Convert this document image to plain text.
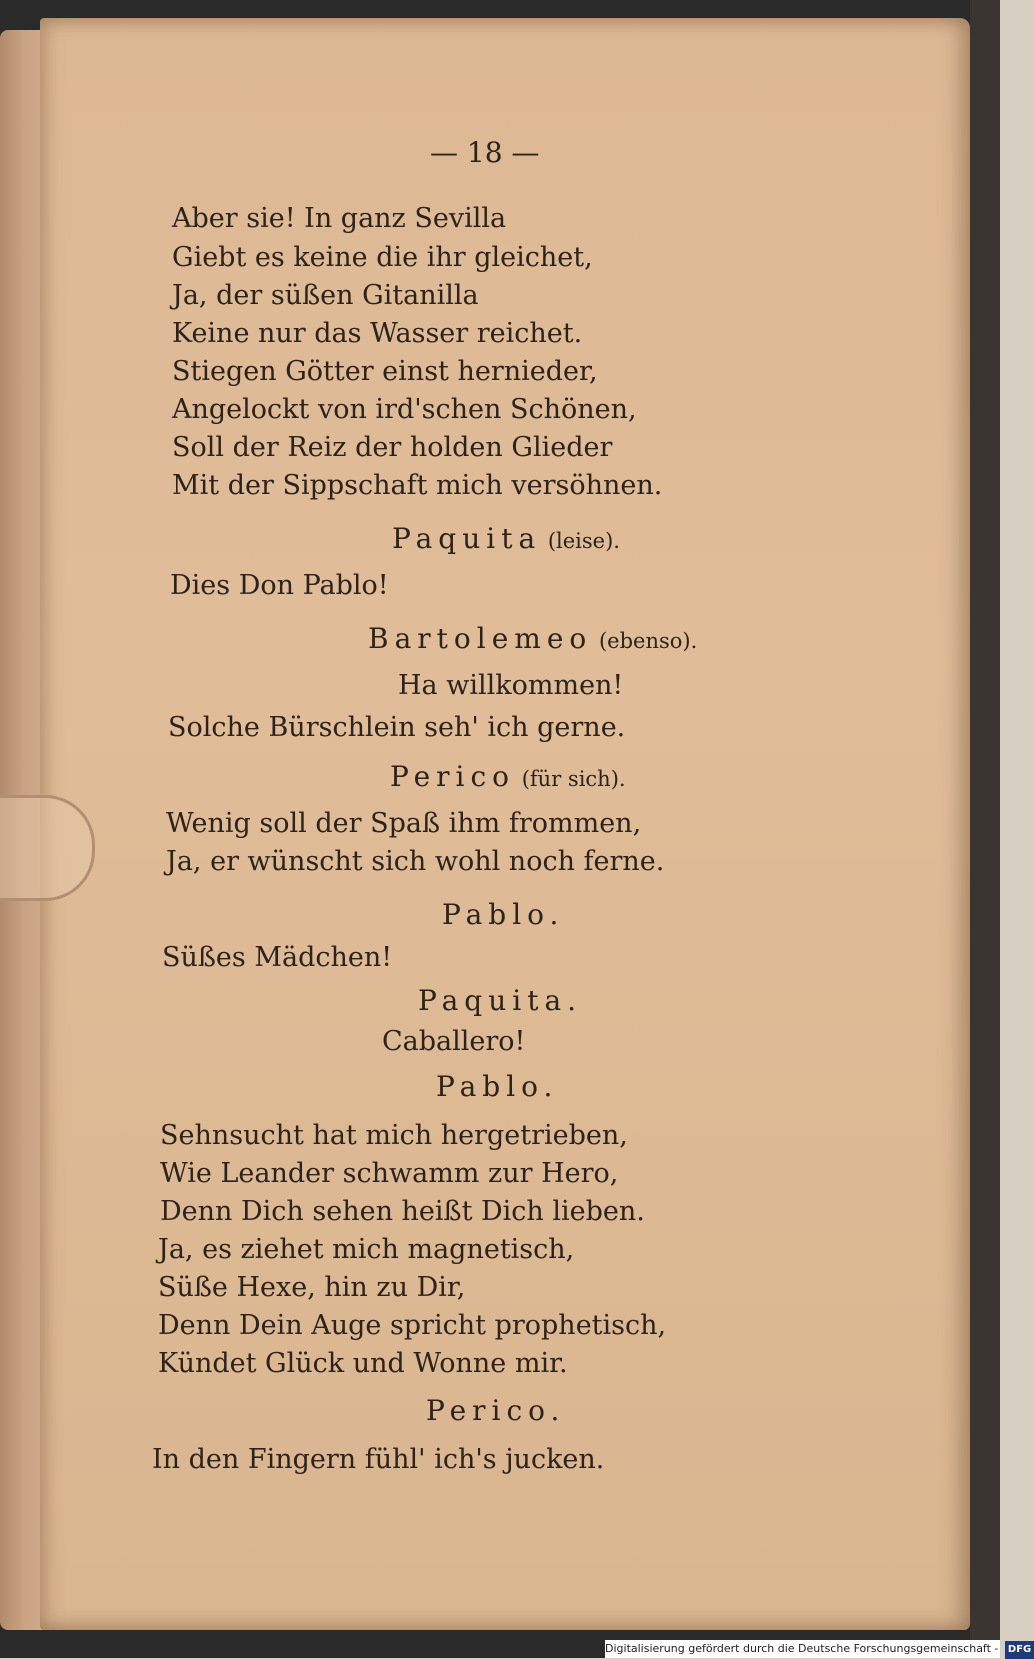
— 18 —
Aber sie! In ganz Sevilla
Giebt es keine die ihr gleichet,
Ja, der süßen Gitanilla
Keine nur das Wasser reichet.
Stiegen Götter einst hernieder,
Angelockt von ird'schen Schönen,
Soll der Reiz der holden Glieder
Mit der Sippschaft mich versöhnen.
Dies Don Pablo!
Ha willkommen!
Solche Bürschlein seh' ich gerne.
Wenig soll der Spaß ihm frommen,
Ja, er wünscht sich wohl noch ferne.
Süßes Mädchen!
Caballero!
Sehnsucht hat mich hergetrieben,
Wie Leander schwamm zur Hero,
Denn Dich sehen heißt Dich lieben.
Ja, es ziehet mich magnetisch,
Süße Hexe, hin zu Dir,
Denn Dein Auge spricht prophetisch,
Kündet Glück und Wonne mir.
In den Fingern fühl' ich's jucken.
Paquita (leise).
Bartolemeo (ebenso).
Perico (für sich).
Pablo.
Paquita.
Pablo.
Perico.
Digitalisierung gefördert durch die Deutsche Forschungsgemeinschaft - DFG
